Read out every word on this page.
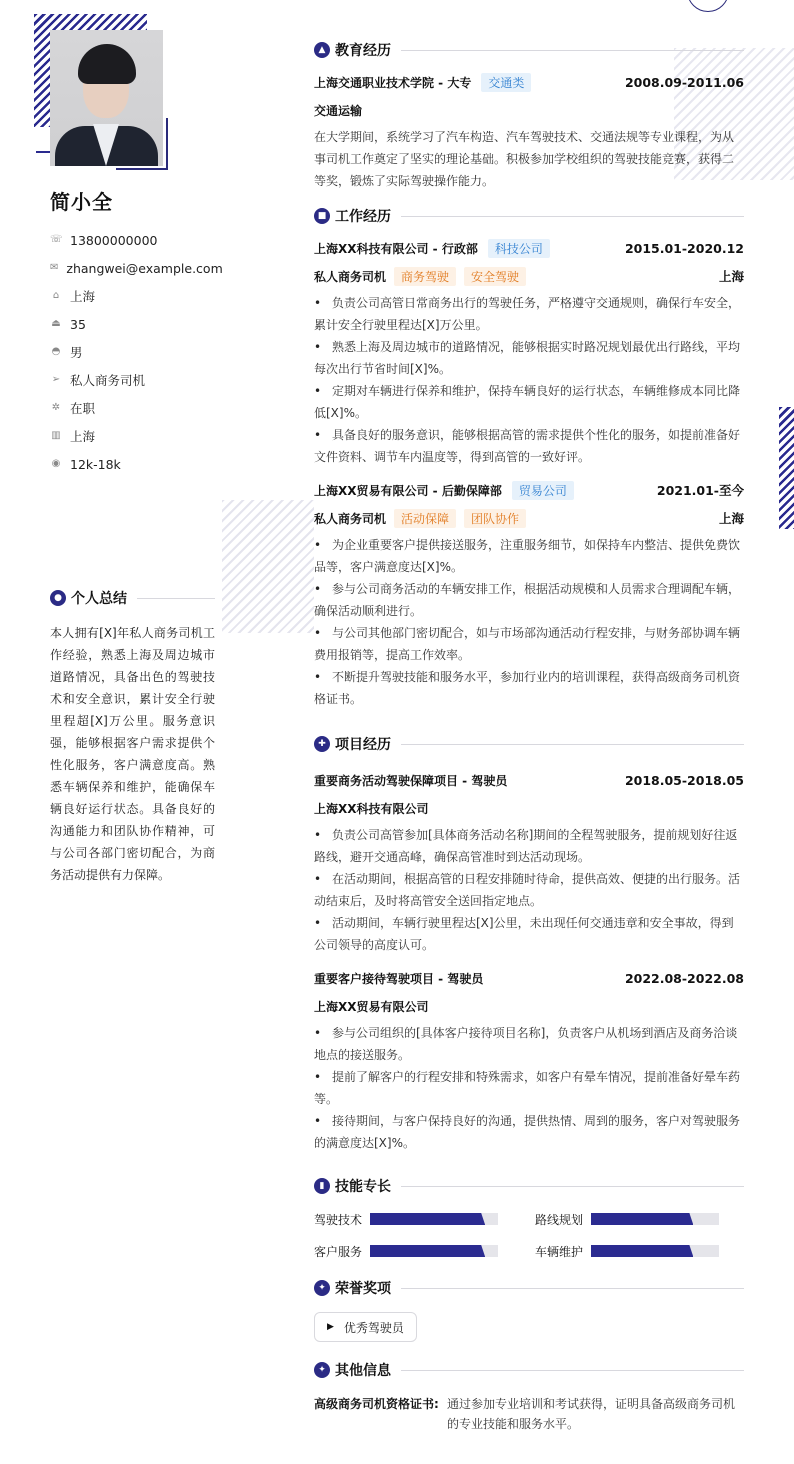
简小全
☏ 13800000000
✉ zhangwei@example.com
⌂ 上海
⏏ 35
◓ 男
➢ 私人商务司机
✲ 在职
▥ 上海
◉ 12k-18k
● 个人总结

本人拥有[X]年私人商务司机工作经验，熟悉上海及周边城市道路情况，具备出色的驾驶技术和安全意识，累计安全行驶里程超[X]万公里。服务意识强，能够根据客户需求提供个性化服务，客户满意度高。熟悉车辆保养和维护，能确保车辆良好运行状态。具备良好的沟通能力和团队协作精神，可与公司各部门密切配合，为商务活动提供有力保障。

▲ 教育经历
上海交通职业技术学院 - 大专	交通类	2008.09-2011.06
交通运输

在大学期间，系统学习了汽车构造、汽车驾驶技术、交通法规等专业课程，为从事司机工作奠定了坚实的理论基础。积极参加学校组织的驾驶技能竞赛，获得二等奖，锻炼了实际驾驶操作能力。

■ 工作经历
上海XX科技有限公司 - 行政部	科技公司	2015.01-2020.12
私人商务司机	商务驾驶	安全驾驶	上海
• 负责公司高管日常商务出行的驾驶任务，严格遵守交通规则，确保行车安全，累计安全行驶里程达[X]万公里。
• 熟悉上海及周边城市的道路情况，能够根据实时路况规划最优出行路线，平均每次出行节省时间[X]%。
• 定期对车辆进行保养和维护，保持车辆良好的运行状态，车辆维修成本同比降低[X]%。
• 具备良好的服务意识，能够根据高管的需求提供个性化的服务，如提前准备好文件资料、调节车内温度等，得到高管的一致好评。
上海XX贸易有限公司 - 后勤保障部	贸易公司	2021.01-至今
私人商务司机	活动保障	团队协作	上海
• 为企业重要客户提供接送服务，注重服务细节，如保持车内整洁、提供免费饮品等，客户满意度达[X]%。
• 参与公司商务活动的车辆安排工作，根据活动规模和人员需求合理调配车辆，确保活动顺利进行。
• 与公司其他部门密切配合，如与市场部沟通活动行程安排，与财务部协调车辆费用报销等，提高工作效率。
• 不断提升驾驶技能和服务水平，参加行业内的培训课程，获得高级商务司机资格证书。
✚ 项目经历
重要商务活动驾驶保障项目 - 驾驶员	2018.05-2018.05
上海XX科技有限公司
• 负责公司高管参加[具体商务活动名称]期间的全程驾驶服务，提前规划好往返路线，避开交通高峰，确保高管准时到达活动现场。
• 在活动期间，根据高管的日程安排随时待命，提供高效、便捷的出行服务。活动结束后，及时将高管安全送回指定地点。
• 活动期间，车辆行驶里程达[X]公里，未出现任何交通违章和安全事故，得到公司领导的高度认可。
重要客户接待驾驶项目 - 驾驶员	2022.08-2022.08
上海XX贸易有限公司
• 参与公司组织的[具体客户接待项目名称]，负责客户从机场到酒店及商务洽谈地点的接送服务。
• 提前了解客户的行程安排和特殊需求，如客户有晕车情况，提前准备好晕车药等。
• 接待期间，与客户保持良好的沟通，提供热情、周到的服务，客户对驾驶服务的满意度达[X]%。
▮ 技能专长
驾驶技术	路线规划
客户服务	车辆维护
✦ 荣誉奖项
▶ 优秀驾驶员
✦ 其他信息
高级商务司机资格证书: 通过参加专业培训和考试获得，证明具备高级商务司机的专业技能和服务水平。
